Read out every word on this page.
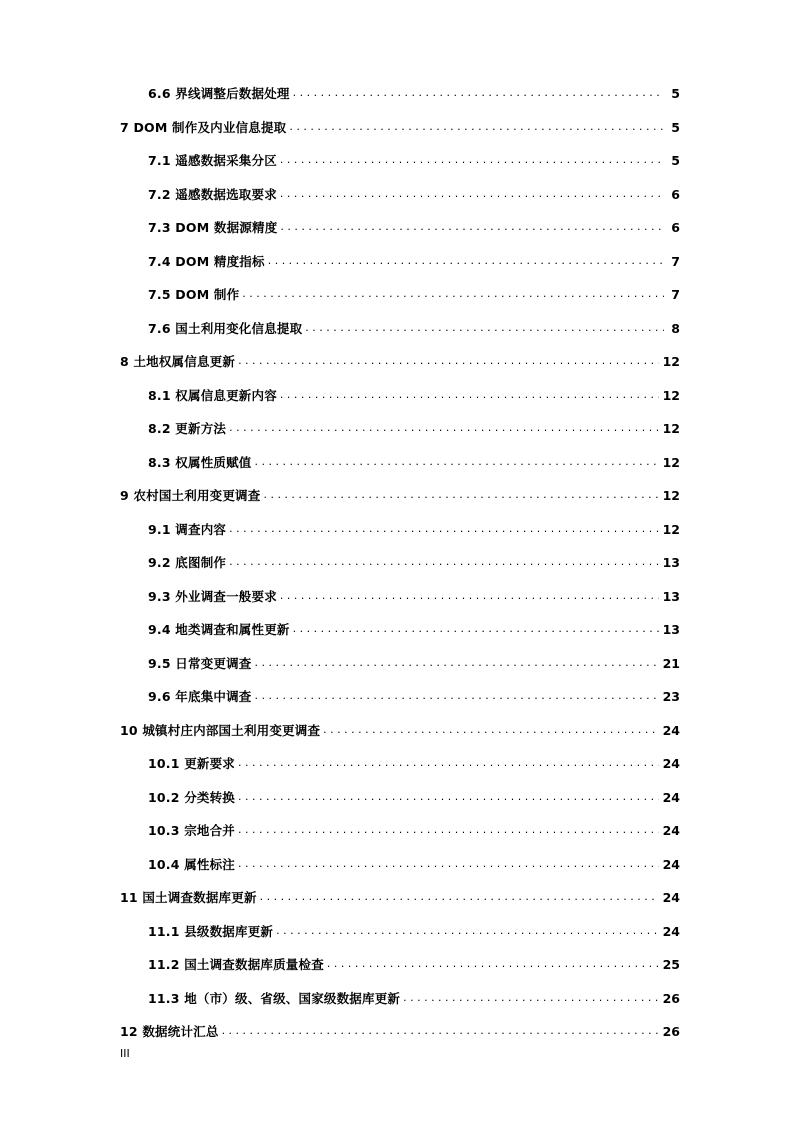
6.6 界线调整后数据处理 . . .	5
7 DOM 制作及内业信息提取 . . .	5
7.1 遥感数据采集分区 . . .	5
7.2 遥感数据选取要求 . . .	6
7.3 DOM 数据源精度 . . .	6
7.4 DOM 精度指标 . . .	7
7.5 DOM 制作 . . .	7
7.6 国土利用变化信息提取 . . .	8
8 土地权属信息更新 . . .	12
8.1 权属信息更新内容 . . .	12
8.2 更新方法 . . .	12
8.3 权属性质赋值 . . .	12
9 农村国土利用变更调查 . . .	12
9.1 调查内容 . . .	12
9.2 底图制作 . . .	13
9.3 外业调查一般要求 . . .	13
9.4 地类调查和属性更新 . . .	13
9.5 日常变更调查 . . .	21
9.6 年底集中调查 . . .	23
10 城镇村庄内部国土利用变更调查 . . .	24
10.1 更新要求 . . .	24
10.2 分类转换 . . .	24
10.3 宗地合并 . . .	24
10.4 属性标注 . . .	24
11 国土调查数据库更新 . . .	24
11.1 县级数据库更新 . . .	24
11.2 国土调查数据库质量检查 . . .	25
11.3 地（市）级、省级、国家级数据库更新 . . .	26
12 数据统计汇总 . . .	26
III
